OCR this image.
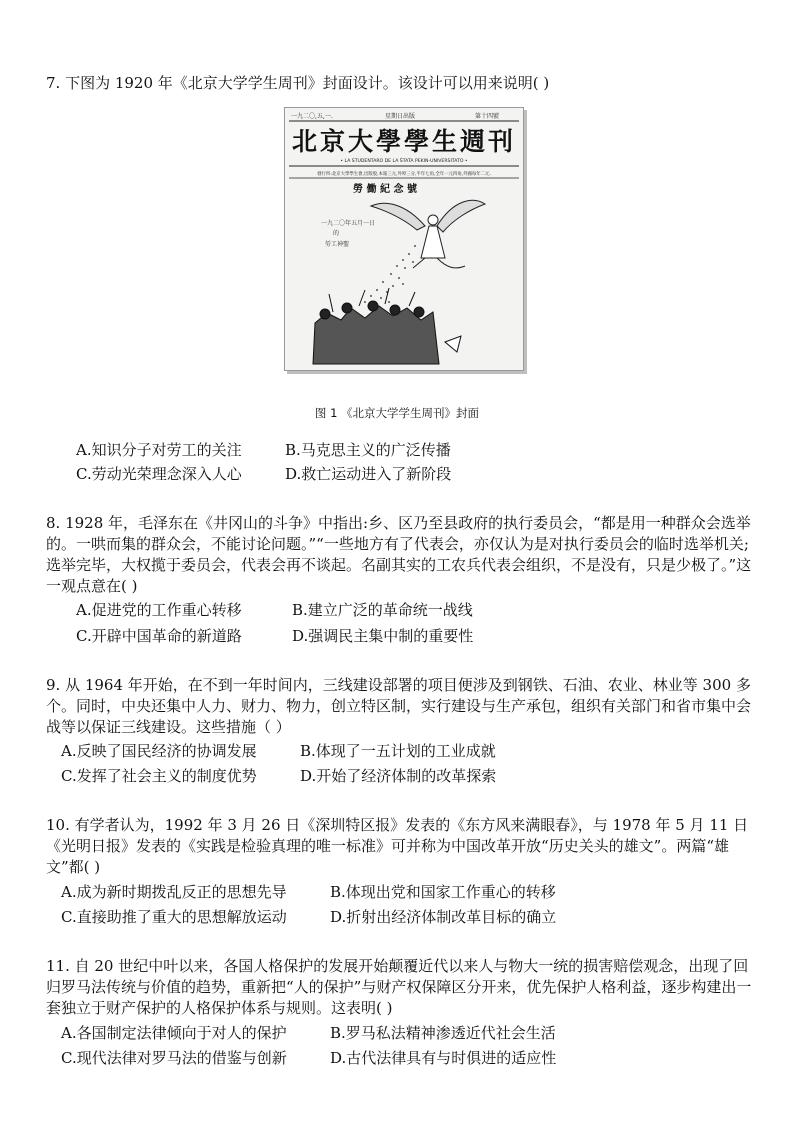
7. 下图为 1920 年《北京大学学生周刊》封面设计。该设计可以用来说明( )
一九二〇,五,一.	星期日出版	第十四號
北京大學學生週刊
• LA STUDENTARO DE LA ŜTATA PEKIN-UNIVERSITATO •
發行所:北京大學學生會,出版股,本報三元,外埠三分,半年七角,全年一元四角,外國每年二元.
勞 働 紀 念 號
一九二〇年五月一日
的
勞工神聖
图 1 《北京大学学生周刊》封面
A.知识分子对劳工的关注	B.马克思主义的广泛传播
C.劳动光荣理念深入人心	D.救亡运动进入了新阶段
8. 1928 年，毛泽东在《井冈山的斗争》中指出:乡、区乃至县政府的执行委员会，“都是用一种群众会选举的。一哄而集的群众会，不能讨论问题。”“一些地方有了代表会，亦仅认为是对执行委员会的临时选举机关;选举完毕，大权揽于委员会，代表会再不谈起。名副其实的工农兵代表会组织，不是没有，只是少极了。”这一观点意在( )
A.促进党的工作重心转移	B.建立广泛的革命统一战线
C.开辟中国革命的新道路	D.强调民主集中制的重要性
9. 从 1964 年开始，在不到一年时间内，三线建设部署的项目便涉及到钢铁、石油、农业、林业等 300 多个。同时，中央还集中人力、财力、物力，创立特区制，实行建设与生产承包，组织有关部门和省市集中会战等以保证三线建设。这些措施（ ）
A.反映了国民经济的协调发展	B.体现了一五计划的工业成就
C.发挥了社会主义的制度优势	D.开始了经济体制的改革探索
10. 有学者认为，1992 年 3 月 26 日《深圳特区报》发表的《东方风来满眼春》，与 1978 年 5 月 11 日《光明日报》发表的《实践是检验真理的唯一标准》可并称为中国改革开放“历史关头的雄文”。两篇“雄文”都( )
A.成为新时期拨乱反正的思想先导	B.体现出党和国家工作重心的转移
C.直接助推了重大的思想解放运动	D.折射出经济体制改革目标的确立
11. 自 20 世纪中叶以来，各国人格保护的发展开始颠覆近代以来人与物大一统的损害赔偿观念，出现了回归罗马法传统与价值的趋势，重新把“人的保护”与财产权保障区分开来，优先保护人格利益，逐步构建出一套独立于财产保护的人格保护体系与规则。这表明( )
A.各国制定法律倾向于对人的保护	B.罗马私法精神渗透近代社会生活
C.现代法律对罗马法的借鉴与创新	D.古代法律具有与时俱进的适应性
